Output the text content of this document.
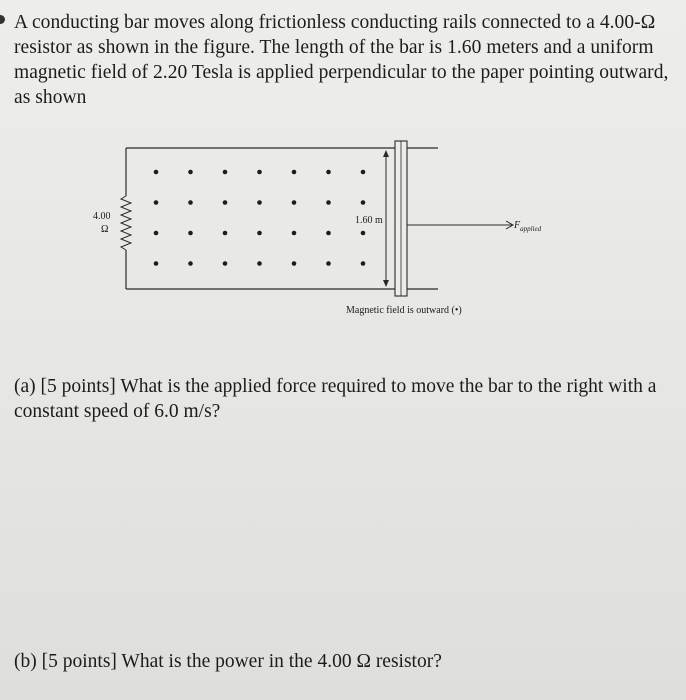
A conducting bar moves along frictionless conducting rails connected to a 4.00-Ω resistor as shown in the figure. The length of the bar is 1.60 meters and a uniform magnetic field of 2.20 Tesla is applied perpendicular to the paper pointing outward, as shown

4.00
Ω
1.60 m	$F_{applied}$
Magnetic field is outward (•)

(a) [5 points] What is the applied force required to move the bar to the right with a constant speed of 6.0 m/s?

(b) [5 points] What is the power in the 4.00 Ω resistor?
